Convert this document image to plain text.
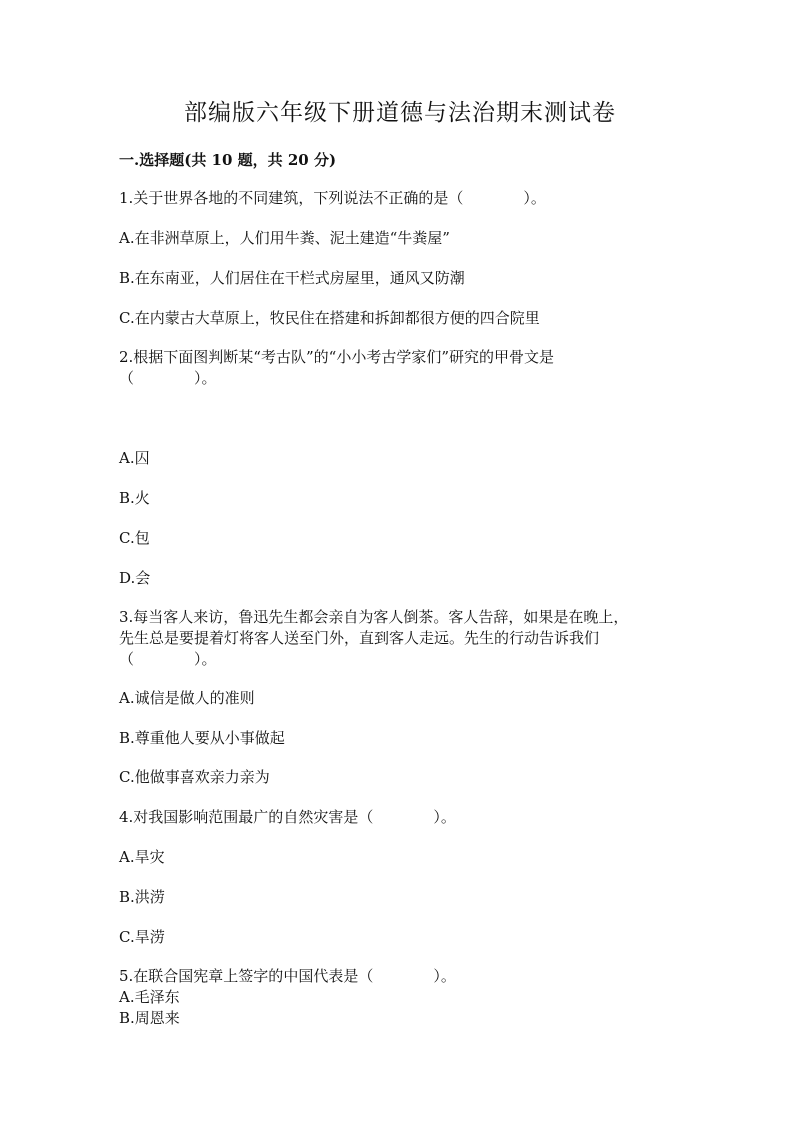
部编版六年级下册道德与法治期末测试卷

一.选择题(共 10 题，共 20 分)

1.关于世界各地的不同建筑，下列说法不正确的是（　　　　）。

A.在非洲草原上，人们用牛粪、泥土建造“牛粪屋”

B.在东南亚，人们居住在干栏式房屋里，通风又防潮

C.在内蒙古大草原上，牧民住在搭建和拆卸都很方便的四合院里

2.根据下面图判断某“考古队”的“小小考古学家们”研究的甲骨文是

（　　　　）。

A.囚

B.火

C.包

D.会

3.每当客人来访，鲁迅先生都会亲自为客人倒茶。客人告辞，如果是在晚上，

先生总是要提着灯将客人送至门外，直到客人走远。先生的行动告诉我们

（　　　　）。

A.诚信是做人的准则

B.尊重他人要从小事做起

C.他做事喜欢亲力亲为

4.对我国影响范围最广的自然灾害是（　　　　）。

A.旱灾

B.洪涝

C.旱涝

5.在联合国宪章上签字的中国代表是（　　　　）。

A.毛泽东

B.周恩来
